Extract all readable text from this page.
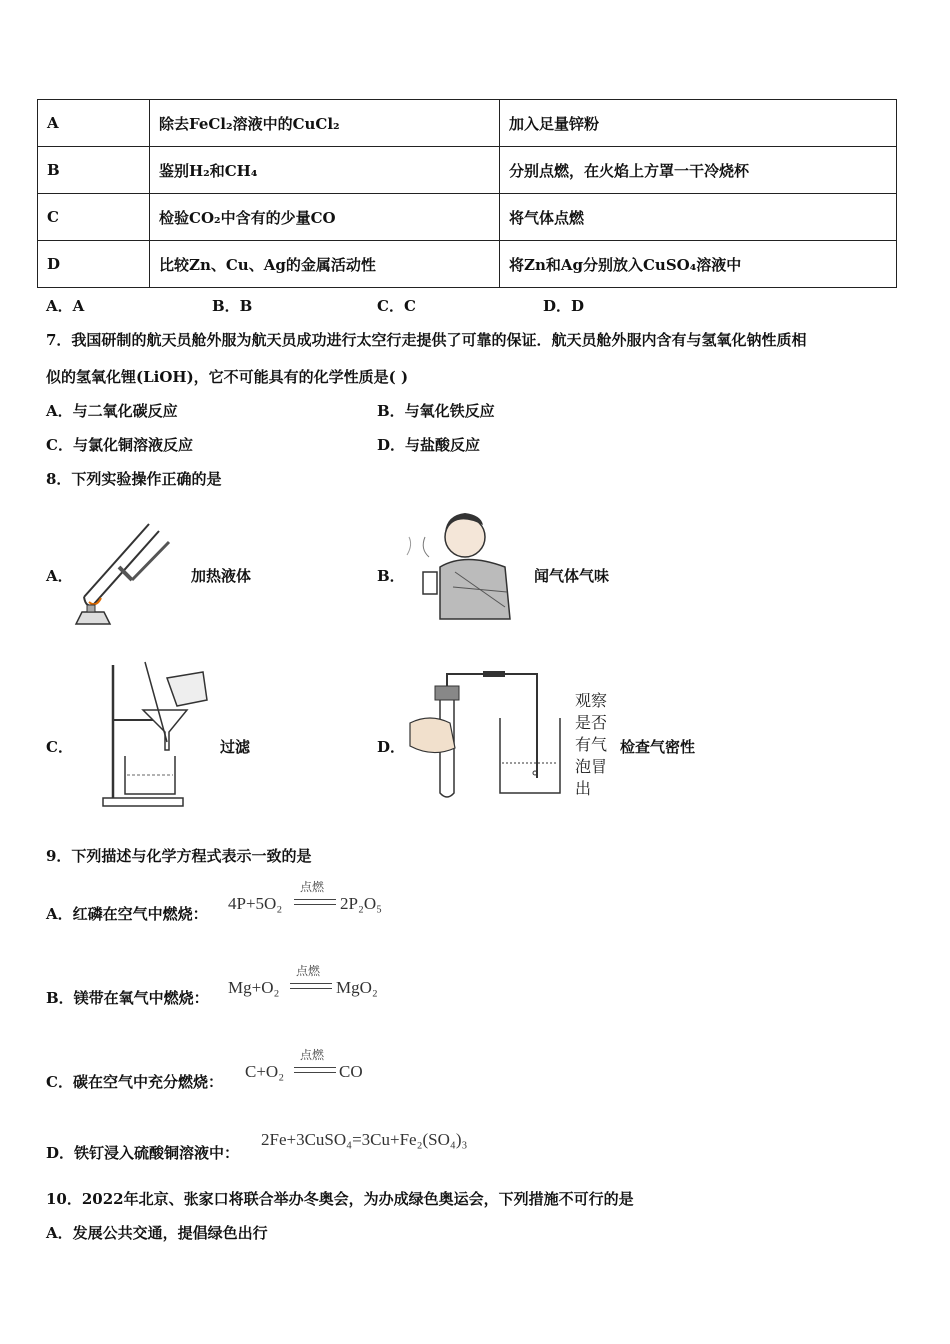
A	除去FeCl₂溶液中的CuCl₂	加入足量锌粉
B	鉴别H₂和CH₄	分别点燃，在火焰上方罩一干冷烧杯
C	检验CO₂中含有的少量CO	将气体点燃
D	比较Zn、Cu、Ag的金属活动性	将Zn和Ag分别放入CuSO₄溶液中
A．A	B．B	C．C	D．D
7．我国研制的航天员舱外服为航天员成功进行太空行走提供了可靠的保证．航天员舱外服内含有与氢氧化钠性质相
似的氢氧化锂(LiOH)，它不可能具有的化学性质是( )
A．与二氧化碳反应	B．与氧化铁反应
C．与氯化铜溶液反应	D．与盐酸反应
8．下列实验操作正确的是
A．	加热液体	B．	闻气体气味
C．	过滤	D．
观察
是否
有气
泡冒
出
检查气密性
9．下列描述与化学方程式表示一致的是
A．红磷在空气中燃烧：
4P+5O₂
点燃
2P₂O₅
B．镁带在氧气中燃烧：
Mg+O₂
点燃
MgO₂
C．碳在空气中充分燃烧：
C+O₂
点燃
CO
D．铁钉浸入硫酸铜溶液中：
2Fe+3CuSO₄=3Cu+Fe₂(SO₄)₃
10．2022年北京、张家口将联合举办冬奥会，为办成绿色奥运会，下列措施不可行的是
A．发展公共交通，提倡绿色出行
